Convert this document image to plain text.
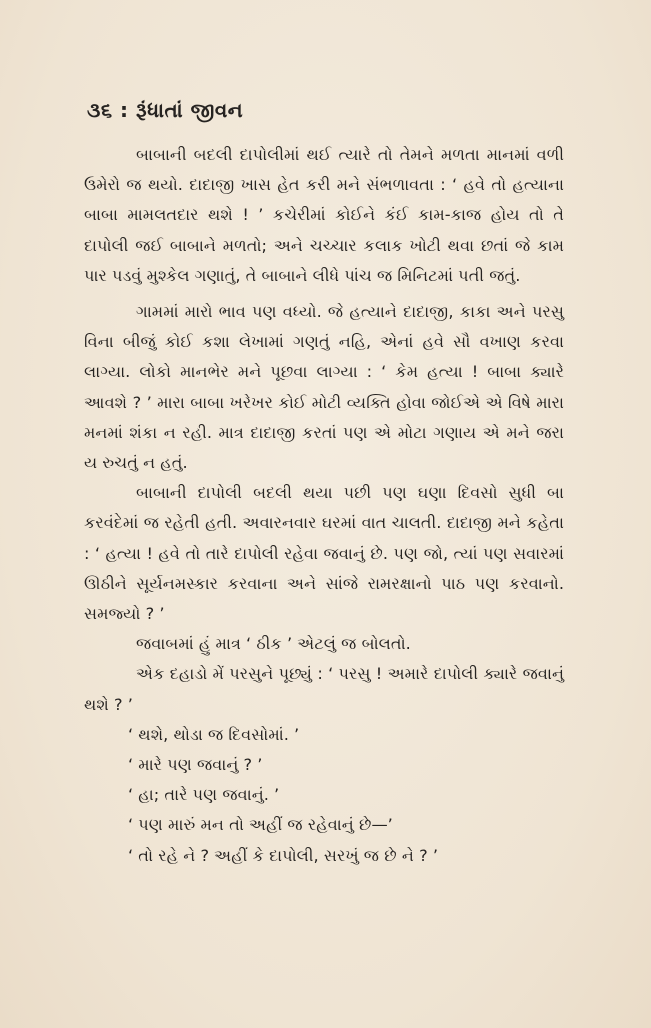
૩૬ : રૂંધાતાં જીવન

બાબાની બદલી દાપોલીમાં થઈ ત્યારે તો તેમને મળતા માનમાં વળી ઉમેરો જ થયો. દાદાજી ખાસ હેત કરી મને સંભળાવતા : ‘ હવે તો હત્યાના બાબા મામલતદાર થશે ! ’ કચેરીમાં કોઈને કંઈ કામ-કાજ હોય તો તે દાપોલી જઈ બાબાને મળતો; અને ચચ્ચાર કલાક ખોટી થવા છતાં જે કામ પાર પડવું મુશ્કેલ ગણાતું, તે બાબાને લીધે પાંચ જ મિનિટમાં પતી જતું.

ગામમાં મારો ભાવ પણ વધ્યો. જે હત્યાને દાદાજી, કાકા અને પરસુ વિના બીજું કોઈ કશા લેખામાં ગણતું નહિ, એનાં હવે સૌ વખાણ કરવા લાગ્યા. લોકો માનભેર મને પૂછવા લાગ્યા : ‘ કેમ હત્યા ! બાબા ક્યારે આવશે ? ’ મારા બાબા ખરેખર કોઈ મોટી વ્યક્તિ હોવા જોઈએ એ વિષે મારા મનમાં શંકા ન રહી. માત્ર દાદાજી કરતાં પણ એ મોટા ગણાય એ મને જરા ય રુચતું ન હતું.

બાબાની દાપોલી બદલી થયા પછી પણ ઘણા દિવસો સુધી બા કરવંદેમાં જ રહેતી હતી. અવારનવાર ઘરમાં વાત ચાલતી. દાદાજી મને કહેતા : ‘ હત્યા ! હવે તો તારે દાપોલી રહેવા જવાનું છે. પણ જો, ત્યાં પણ સવારમાં ઊઠીને સૂર્યનમસ્કાર કરવાના અને સાંજે રામરક્ષાનો પાઠ પણ કરવાનો. સમજ્યો ? ’

જવાબમાં હું માત્ર ‘ ઠીક ’ એટલું જ બોલતો.

એક દહાડો મેં પરસુને પૂછ્યું : ‘ પરસુ ! અમારે દાપોલી ક્યારે જવાનું થશે ? ’

‘ થશે, થોડા જ દિવસોમાં. ’

‘ મારે પણ જવાનું ? ’

‘ હા; તારે પણ જવાનું. ’

‘ પણ મારું મન તો અહીં જ રહેવાનું છે—’

‘ તો રહે ને ? અહીં કે દાપોલી, સરખું જ છે ને ? ’
